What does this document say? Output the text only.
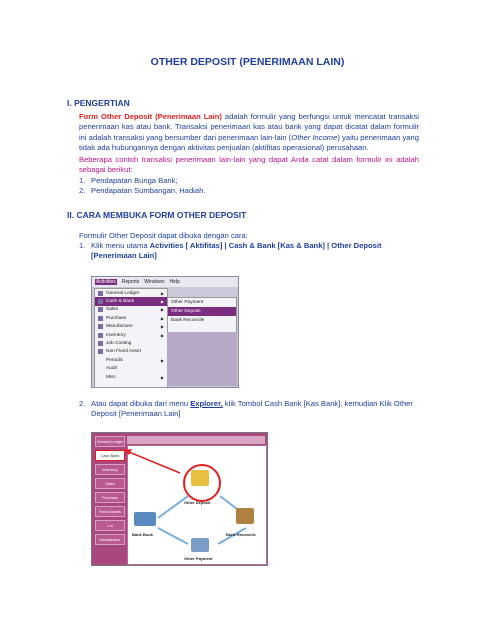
OTHER DEPOSIT (PENERIMAAN LAIN)
I. PENGERTIAN
Form Other Deposit (Penerimaan Lain) adalah formulir yang berfungsi untuk mencatat transaksi penerimaan kas atau bank. Transaksi penerimaan kas atau bank yang dapat dicatat dalam formulir ini adalah transaksi yang bersumber dari penerimaan lain-lain (Other Income) yaitu penerimaan yang tidak ada hubungannya dengan aktivitas penjualan (aktifitas operasional) perusahaan.
Beberapa contoh transaksi penerimaan lain-lain yang dapat Anda catat dalam formulir ini adalah sebagai berikut:
1. Pendapatan Bunga Bank;
2. Pendapatan Sumbangan, Hadiah.
II. CARA MEMBUKA FORM OTHER DEPOSIT
Formulir Other Deposit dapat dibuka dengan cara:
1. Klik menu utama Activities [ Aktifitas] | Cash & Bank [Kas & Bank] | Other Deposit [Penerimaan Lain]
Activities Reports Windows Help
General Ledger	▶
Cash & Bank	▶
Sales	▶
Purchase	▶
Manufacture	▶
Inventory	▶
Job Costing
Non Fixed Asset
Periodic	▶
Audit
Misc	▶
Other Payment
Other Deposit
Bank Reconcile
2. Atau dapat dibuka dari menu Explorer, klik Tombol Cash Bank [Kas Bank], kemudian Klik Other Deposit [Penerimaan Lain]
General Ledger
Cash Bank
Inventory
Sales
Purchase
Fixed Assets
Lot
Manufacture
Other Deposit
Bank Book	Bank Reconcile
Other Payment
